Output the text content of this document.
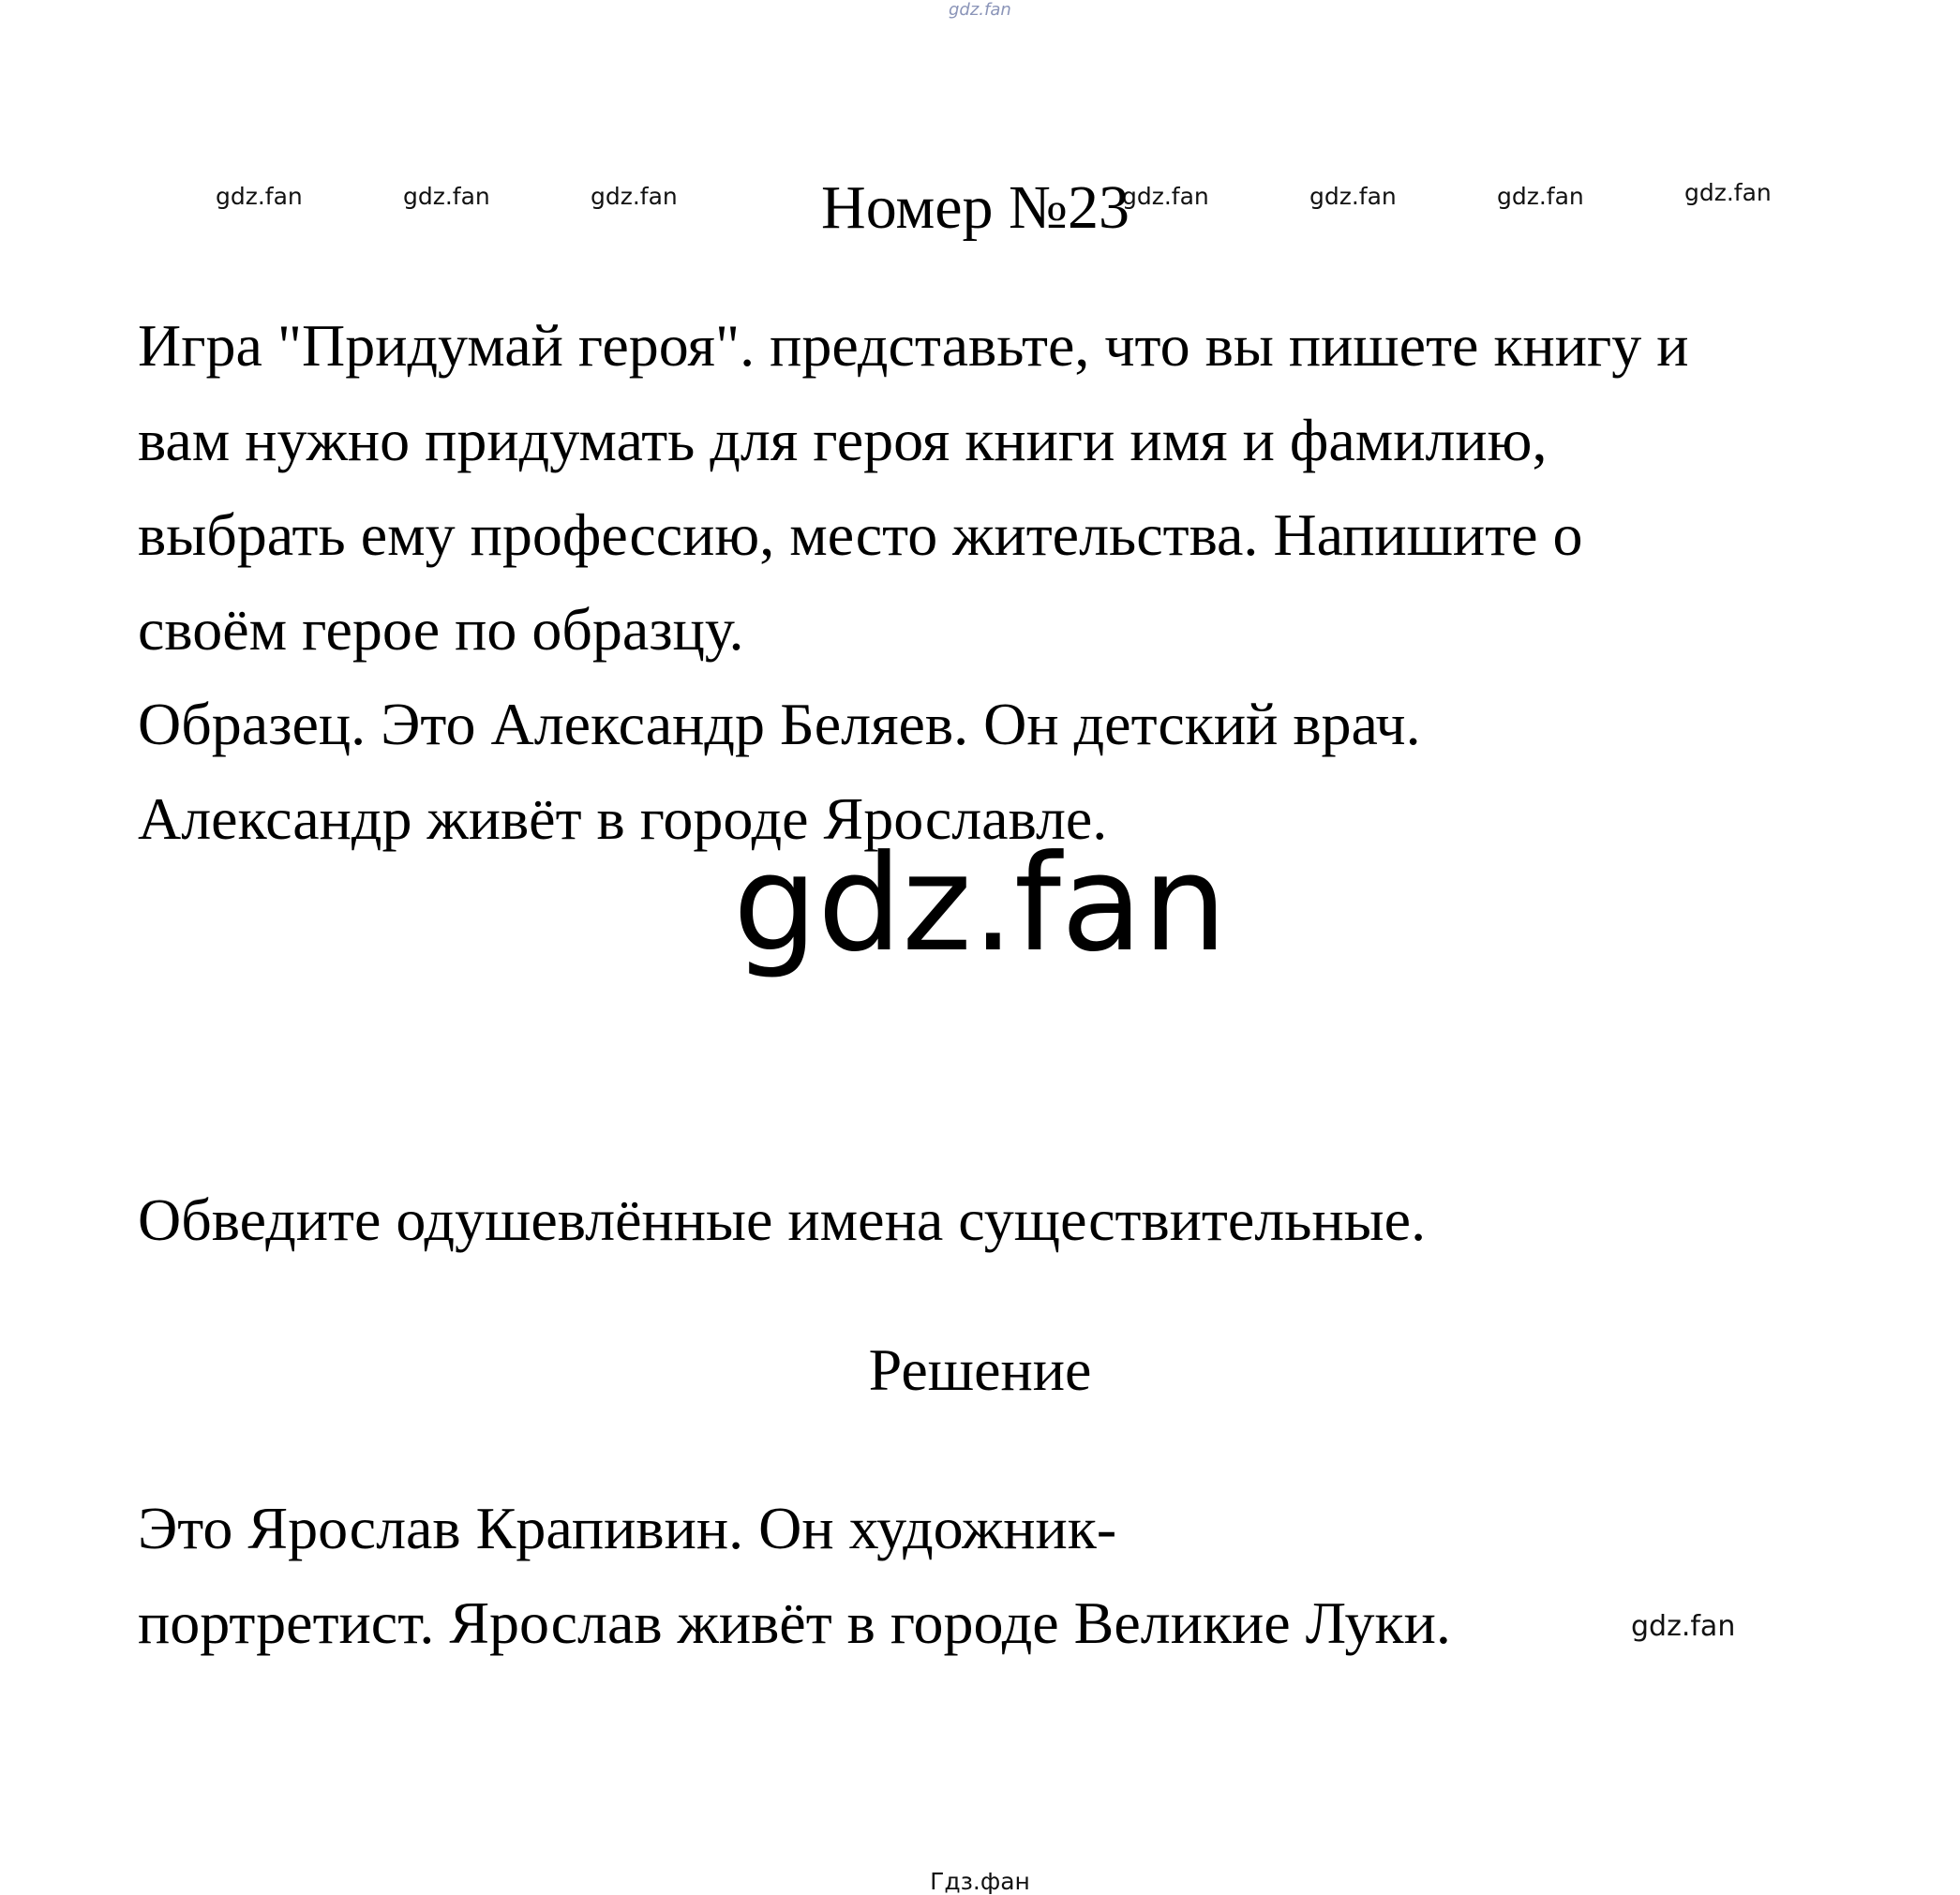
gdz.fan
gdz.fan	gdz.fan	gdz.fan	gdz.fan	gdz.fan	gdz.fan	gdz.fan
Номер №23

Игра "Придумай героя". представьте, что вы пишете книгу и

вам нужно придумать для героя книги имя и фамилию,

выбрать ему профессию, место жительства. Напишите о

своём герое по образцу.

Образец. Это Александр Беляев. Он детский врач.

Александр живёт в городе Ярославле.

gdz.fan
Обведите одушевлённые имена существительные.
Решение

Это Ярослав Крапивин. Он художник-

портретист. Ярослав живёт в городе Великие Луки.	gdz.fan
Гдз.фан
